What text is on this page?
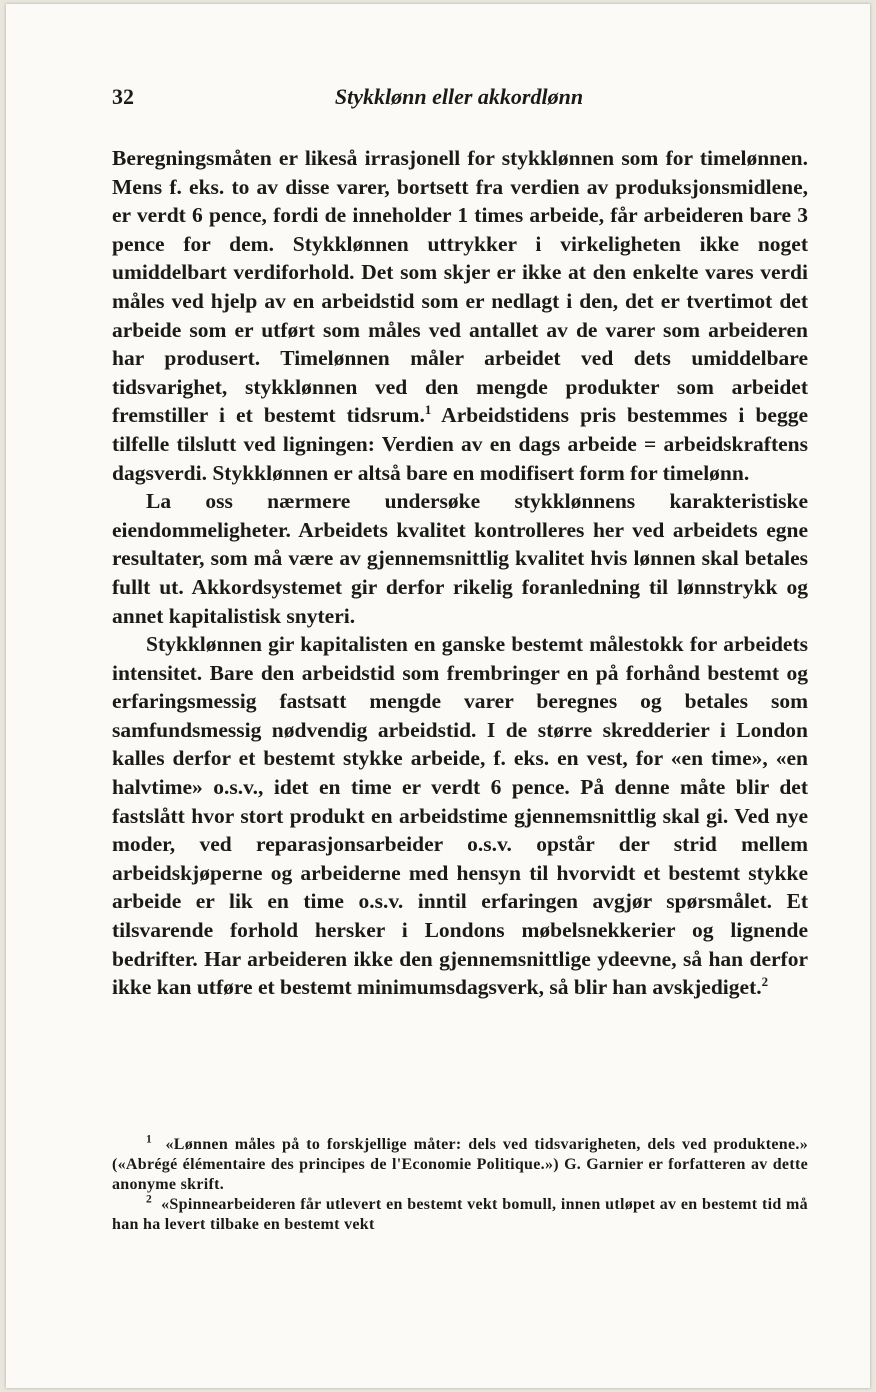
32	Stykklønn eller akkordlønn

Beregningsmåten er likeså irrasjonell for stykklønnen som for timelønnen. Mens f. eks. to av disse varer, bortsett fra verdien av produksjonsmidlene, er verdt 6 pence, fordi de inneholder 1 times arbeide, får arbeideren bare 3 pence for dem. Stykklønnen uttrykker i virkeligheten ikke noget umiddelbart verdiforhold. Det som skjer er ikke at den enkelte vares verdi måles ved hjelp av en arbeidstid som er nedlagt i den, det er tvertimot det arbeide som er utført som måles ved antallet av de varer som arbeideren har produsert. Timelønnen måler arbeidet ved dets umiddelbare tidsvarighet, stykklønnen ved den mengde produkter som arbeidet fremstiller i et bestemt tidsrum.$^1$ Arbeidstidens pris bestemmes i begge tilfelle tilslutt ved ligningen: Verdien av en dags arbeide = arbeidskraftens dagsverdi. Stykklønnen er altså bare en modifisert form for timelønn.

La oss nærmere undersøke stykklønnens karakteristiske eiendommeligheter. Arbeidets kvalitet kontrolleres her ved arbeidets egne resultater, som må være av gjennemsnittlig kvalitet hvis lønnen skal betales fullt ut. Akkordsystemet gir derfor rikelig foranledning til lønnstrykk og annet kapitalistisk snyteri.

Stykklønnen gir kapitalisten en ganske bestemt målestokk for arbeidets intensitet. Bare den arbeidstid som frembringer en på forhånd bestemt og erfaringsmessig fastsatt mengde varer beregnes og betales som samfundsmessig nødvendig arbeidstid. I de større skredderier i London kalles derfor et bestemt stykke arbeide, f. eks. en vest, for «en time», «en halvtime» o.s.v., idet en time er verdt 6 pence. På denne måte blir det fastslått hvor stort produkt en arbeidstime gjennemsnittlig skal gi. Ved nye moder, ved reparasjonsarbeider o.s.v. opstår der strid mellem arbeidskjøperne og arbeiderne med hensyn til hvorvidt et bestemt stykke arbeide er lik en time o.s.v. inntil erfaringen avgjør spørsmålet. Et tilsvarende forhold hersker i Londons møbelsnekkerier og lignende bedrifter. Har arbeideren ikke den gjennemsnittlige ydeevne, så han derfor ikke kan utføre et bestemt minimumsdagsverk, så blir han avskjediget.$^2$

$^1$ «Lønnen måles på to forskjellige måter: dels ved tidsvarigheten, dels ved produktene.» («Abrégé élémentaire des principes de l'Economie Politique.») G. Garnier er forfatteren av dette anonyme skrift.

$^2$ «Spinnearbeideren får utlevert en bestemt vekt bomull, innen utløpet av en bestemt tid må han ha levert tilbake en bestemt vekt
